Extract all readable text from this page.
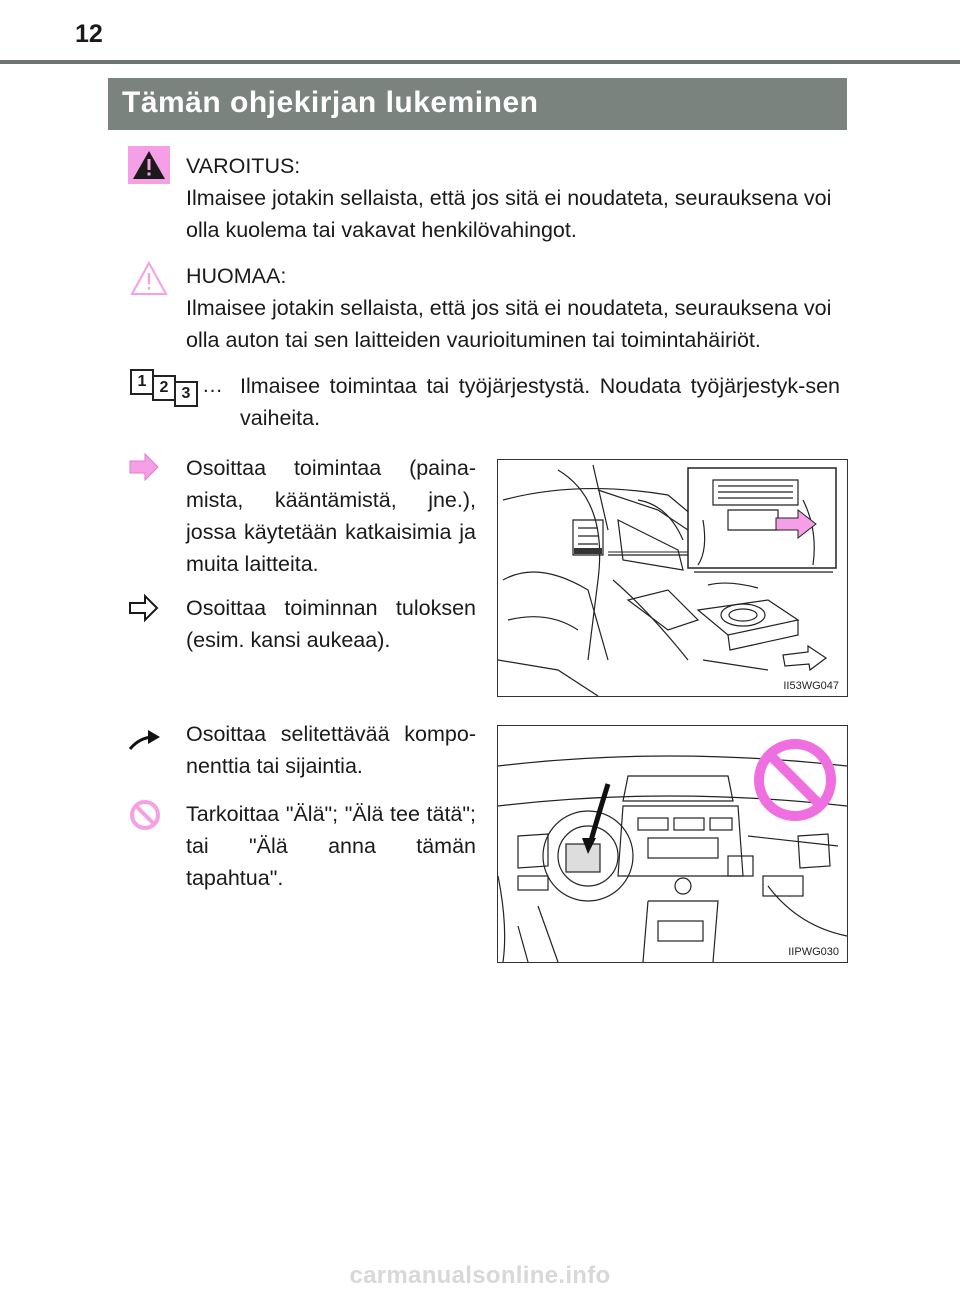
12
Tämän ohjekirjan lukeminen
VAROITUS:
Ilmaisee jotakin sellaista, että jos sitä ei noudateta, seurauksena voi olla kuolema tai vakavat henkilövahingot.
HUOMAA:
Ilmaisee jotakin sellaista, että jos sitä ei noudateta, seurauksena voi olla auton tai sen laitteiden vaurioituminen tai toimintahäiriöt.
1 2 3 … Ilmaisee toimintaa tai työjärjestystä. Noudata työjärjestyk-sen vaiheita.
Osoittaa toimintaa (paina-mista, kääntämistä, jne.), jossa käytetään katkaisimia ja muita laitteita.
Osoittaa toiminnan tuloksen (esim. kansi aukeaa).
II53WG047
Osoittaa selitettävää kompo-nenttia tai sijaintia.
Tarkoittaa "Älä"; "Älä tee tätä"; tai "Älä anna tämän tapahtua".
IIPWG030
carmanualsonline.info
